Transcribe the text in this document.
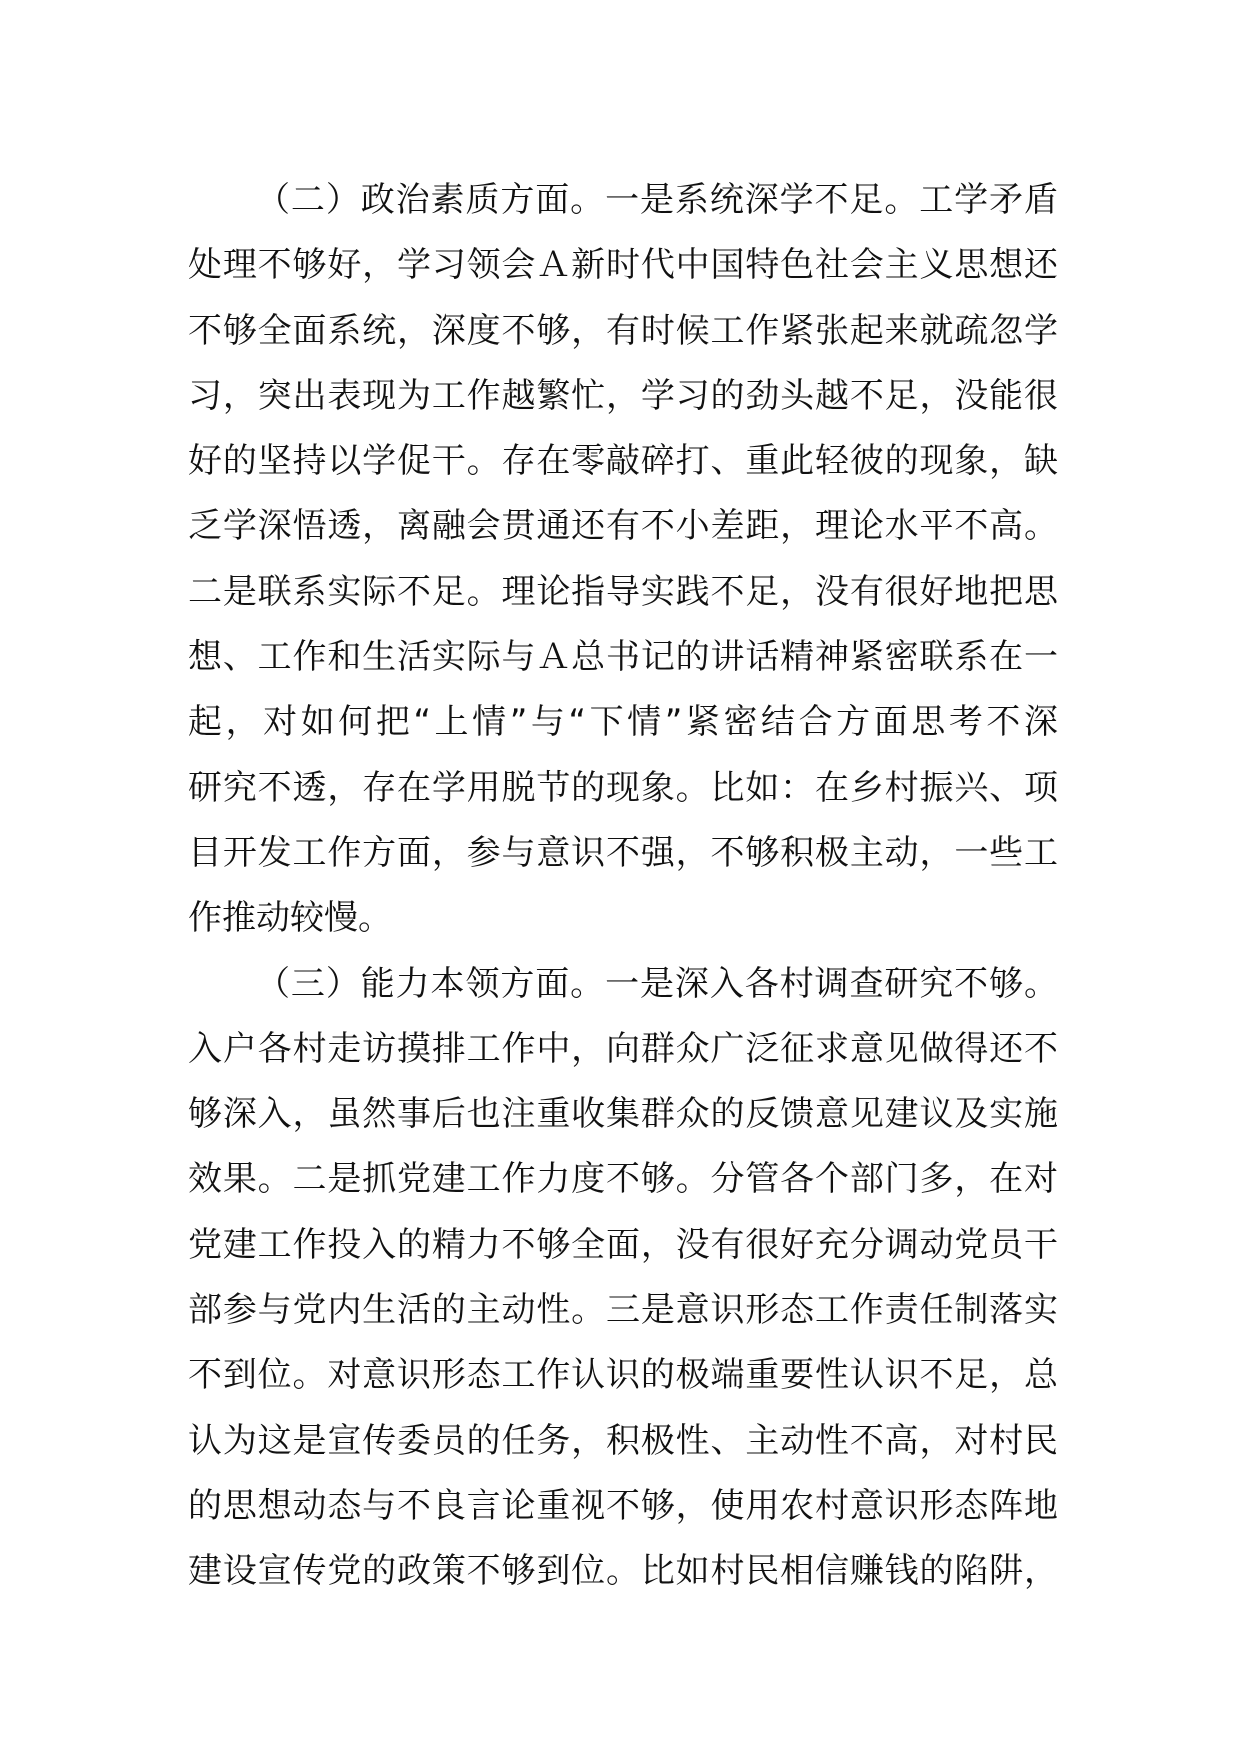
（二）政治素质方面。一是系统深学不足。工学矛盾
处理不够好，学习领会Ａ新时代中国特色社会主义思想还
不够全面系统，深度不够，有时候工作紧张起来就疏忽学
习，突出表现为工作越繁忙，学习的劲头越不足，没能很
好的坚持以学促干。存在零敲碎打、重此轻彼的现象，缺
乏学深悟透，离融会贯通还有不小差距，理论水平不高。
二是联系实际不足。理论指导实践不足，没有很好地把思
想、工作和生活实际与Ａ总书记的讲话精神紧密联系在一
起，对如何把“上情”与“下情”紧密结合方面思考不深
研究不透，存在学用脱节的现象。比如：在乡村振兴、项
目开发工作方面，参与意识不强，不够积极主动，一些工
作推动较慢。
（三）能力本领方面。一是深入各村调查研究不够。
入户各村走访摸排工作中，向群众广泛征求意见做得还不
够深入，虽然事后也注重收集群众的反馈意见建议及实施
效果。二是抓党建工作力度不够。分管各个部门多，在对
党建工作投入的精力不够全面，没有很好充分调动党员干
部参与党内生活的主动性。三是意识形态工作责任制落实
不到位。对意识形态工作认识的极端重要性认识不足，总
认为这是宣传委员的任务，积极性、主动性不高，对村民
的思想动态与不良言论重视不够，使用农村意识形态阵地
建设宣传党的政策不够到位。比如村民相信赚钱的陷阱，
